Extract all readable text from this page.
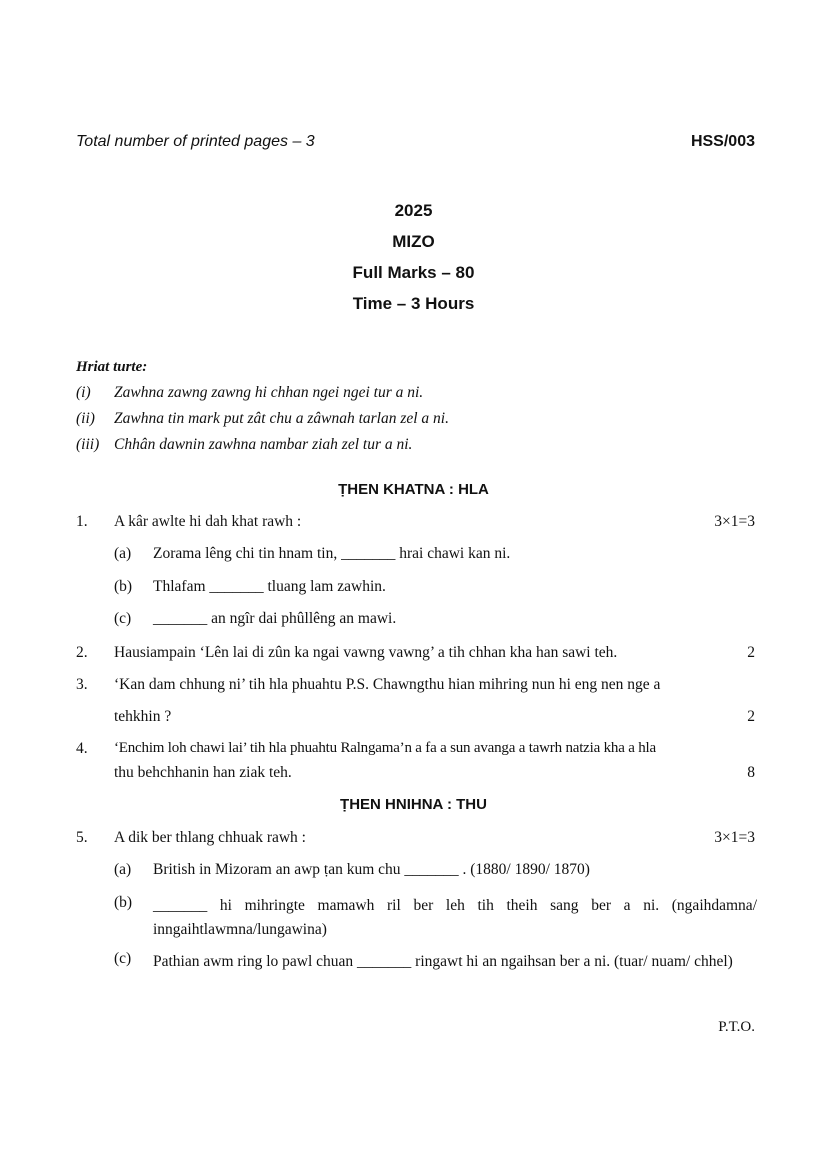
Total number of printed pages – 3	HSS/003
2025
MIZO
Full Marks – 80
Time – 3 Hours
Hriat turte:
(i) Zawhna zawng zawng hi chhan ngei ngei tur a ni.
(ii) Zawhna tin mark put zât chu a zâwnah tarlan zel a ni.
(iii) Chhân dawnin zawhna nambar ziah zel tur a ni.
ṬHEN KHATNA : HLA
1. A kâr awlte hi dah khat rawh :	3×1=3
(a) Zorama lêng chi tin hnam tin, _______ hrai chawi kan ni.
(b) Thlafam _______ tluang lam zawhin.
(c) _______ an ngîr dai phûllêng an mawi.
2. Hausiampain ‘Lên lai di zûn ka ngai vawng vawng’ a tih chhan kha han sawi teh.	2
3. ‘Kan dam chhung ni’ tih hla phuahtu P.S. Chawngthu hian mihring nun hi eng nen nge a
tehkhin ?	2
4. ‘Enchim loh chawi lai’ tih hla phuahtu Ralngama’n a fa a sun avanga a tawrh natzia kha a hla
thu behchhanin han ziak teh.	8
ṬHEN HNIHNA : THU
5. A dik ber thlang chhuak rawh :	3×1=3
(a) British in Mizoram an awp ṭan kum chu _______ . (1880/ 1890/ 1870)
(b)	_______ hi mihringte mamawh ril ber leh tih theih sang ber a ni. (ngaihdamna/ inngaihtlawmna/lungawina)
(c)	Pathian awm ring lo pawl chuan _______ ringawt hi an ngaihsan ber a ni. (tuar/ nuam/ chhel)
P.T.O.
